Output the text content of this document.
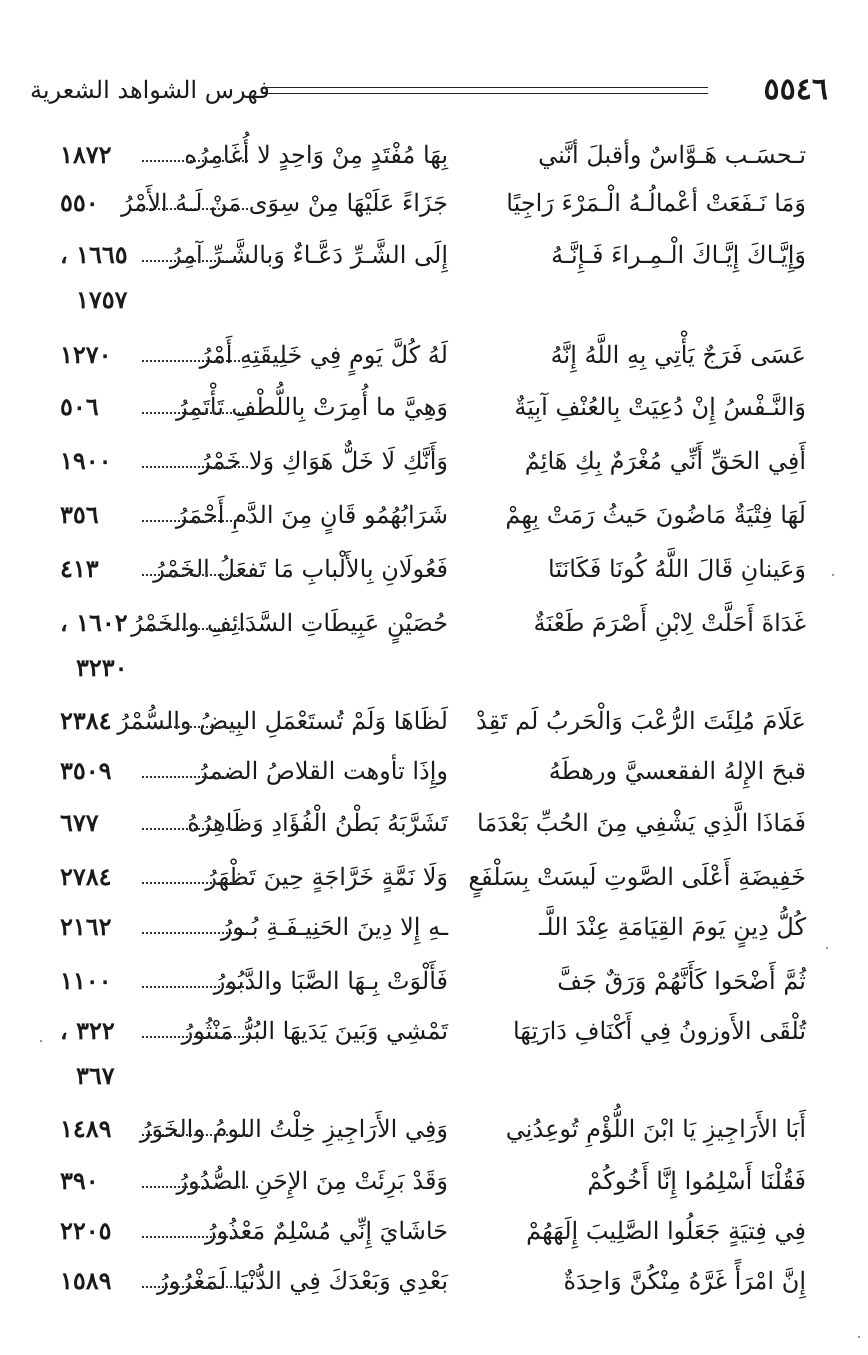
٥٥٤٦
فهرس الشواهد الشعرية
تـحسَـب هَـوَّاسٌ وأقبلَ أنَّني
بِهَا مُفْتَدٍ مِنْ وَاحِدٍ لا أُغَامِرُه
١٨٧٢
وَمَا نَـفَعَتْ أعْمالُـهُ الْـمَرْءَ رَاجِيًا
جَزَاءً عَلَيْهَا مِنْ سِوَى مَنْ لَـهُ الأَمْرُ
٥٥٠
وَإِيَّـاكَ إِيَّـاكَ الْـمِـراءَ فَـإِنَّـهُ
إِلَى الشَّـرِّ دَعَّـاءٌ وَبالشَّـرِّ آمِرُ
١٦٦٥ ،
١٧٥٧
عَسَى فَرَجٌ يَأْتِي بِهِ اللَّهُ إِنَّهُ
لَهُ كُلَّ يَومٍ فِي خَلِيقَتِهِ أَمْرُ
١٢٧٠
وَالنَّـفْسُ إِنْ دُعِيَتْ بِالعُنْفِ آبِيَةٌ
وَهِيَّ ما أُمِرَتْ بِاللُّطْفِ تَأْتَمِرُ
٥٠٦
أَفِي الحَقِّ أَنِّي مُغْرَمٌ بِكِ هَائِمٌ
وَأَنَّكِ لَا خَلٌّ هَوَاكِ وَلا خَمْرُ
١٩٠٠
لَهَا فِتْيَةٌ مَاضُونَ حَيثُ رَمَتْ بِهِمْ
شَرَابُهُمُو قَانٍ مِنَ الدَّمِ أَحْمَرُ
٣٥٦
وَعَينانِ قَالَ اللَّهُ كُونَا فَكَانَتَا
فَعُولَانِ بِالأَلْبابِ مَا تَفعَلُ الخَمْرُ
٤١٣
غَدَاةَ أَحَلَّتْ لِابْنِ أَصْرَمَ طَعْنَةٌ
حُصَيْنٍ عَبِيطَاتِ السَّدَائِفِ والخَمْرُ
١٦٠٢ ،
٣٢٣٠
عَلَامَ مُلِئَتَ الرُّعْبَ وَالْحَربُ لَم تَقِدْ
لَظَاهَا وَلَمْ تُستَعْمَلِ البِيضُ والسُّمْرُ
٢٣٨٤
قبحَ الإِلهُ الفقعسيَّ ورهطَهُ
وإِذَا تأوهت القلاصُ الضمرُ
٣٥٠٩
فَمَاذَا الَّذِي يَشْفِي مِنَ الحُبِّ بَعْدَمَا
تَشَرَّبَهُ بَطْنُ الْفُؤَادِ وَظَاهِرُهُ
٦٧٧
خَفِيضَةِ أَعْلَى الصَّوتِ لَيسَتْ بِسَلْفَعٍ
وَلَا نَمَّةٍ خَرَّاجَةٍ حِينَ تَظْهَرُ
٢٧٨٤
كُلُّ دِينٍ يَومَ القِيَامَةِ عِنْدَ اللَّـ
ـهِ إِلا دِينَ الحَنِيـفَـةِ بُـورُ
٢١٦٢
ثُمَّ أَضْحَوا كَأَنَّهُمْ وَرَقٌ جَفَّ
فَأَلْوَتْ بِـهَا الصَّبَا والدَّبُورُ
١١٠٠
تُلْقَى الأَوزونُ فِي أَكْنَافِ دَارَتِهَا
تَمْشِي وَبَينَ يَدَيهَا البُرُّ مَنْثُورُ
٣٢٢ ،
٣٦٧
أَبَا الأَرَاجِيزِ يَا ابْنَ اللُّؤْمِ تُوعِدُنِي
وَفِي الأَرَاجِيزِ خِلْتُ اللومُ والخَوَرُ
١٤٨٩
فَقُلْنَا أَسْلِمُوا إِنَّا أَخُوكُمْ
وَقَدْ بَرِئَتْ مِنَ الإِحَنِ الصُّدُورُ
٣٩٠
فِي فِتيَةٍ جَعَلُوا الصَّلِيبَ إِلَهَهُمْ
حَاشَايَ إِنِّي مُسْلِمٌ مَعْذُورُ
٢٢٠٥
إِنَّ امْرَأً غَرَّهُ مِنْكُنَّ وَاحِدَةٌ
بَعْدِي وَبَعْدَكَ فِي الدُّنْيَا لَمَغْرُورُ
١٥٨٩
